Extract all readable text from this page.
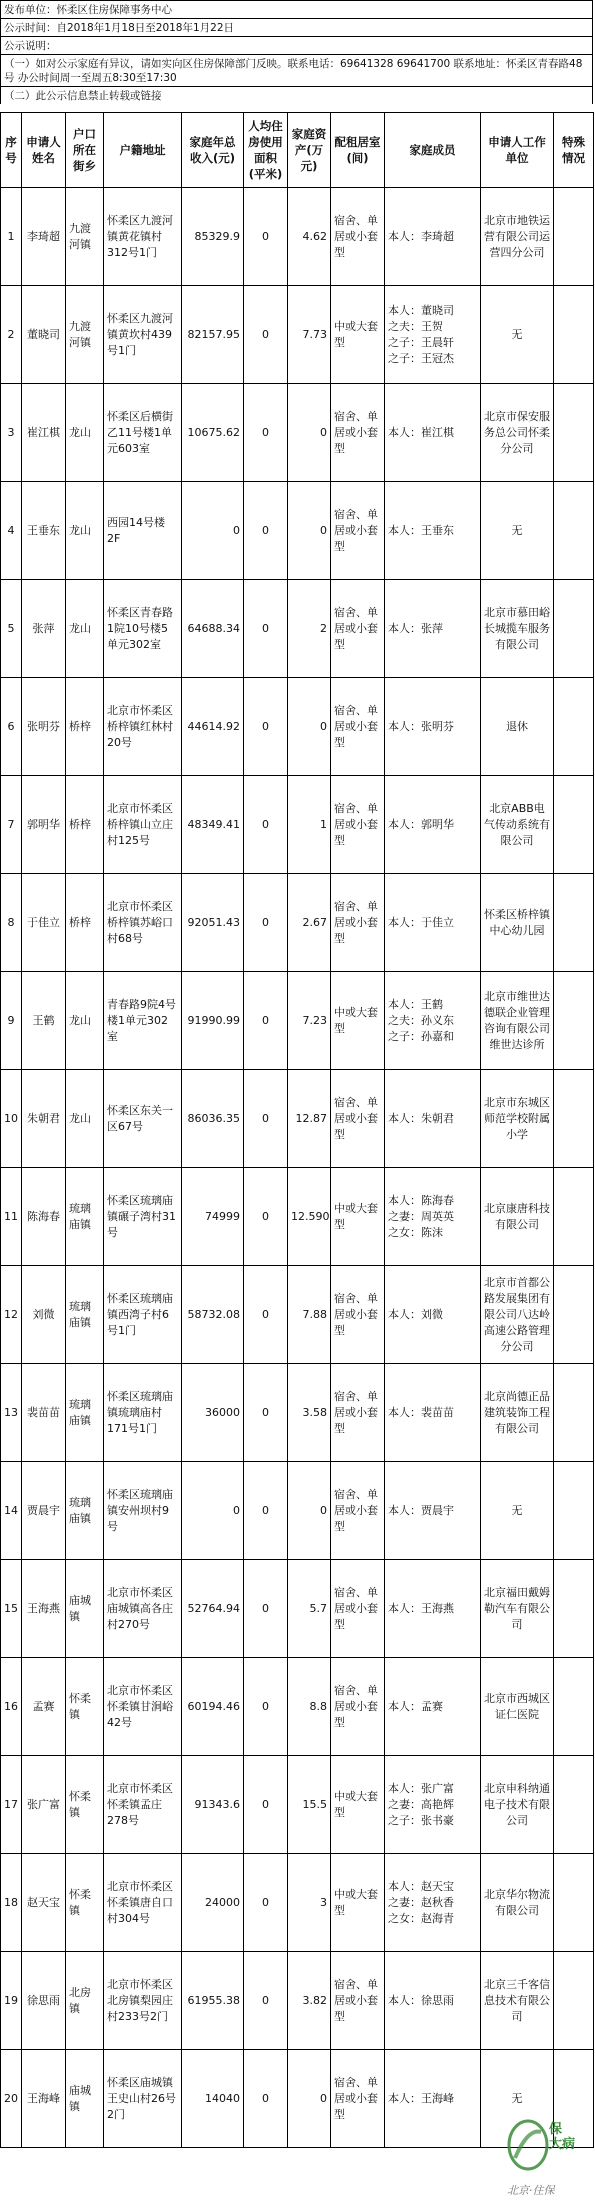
发布单位：怀柔区住房保障事务中心
公示时间：自2018年1月18日至2018年1月22日
公示说明：
（一）如对公示家庭有异议，请如实向区住房保障部门反映。联系电话：69641328 69641700 联系地址：怀柔区青春路48号 办公时间周一至周五8:30至17:30
（二）此公示信息禁止转载或链接
序号	申请人姓名	户口所在街乡	户籍地址	家庭年总收入(元)	人均住房使用面积(平米)	家庭资产(万元)	配租居室(间)	家庭成员	申请人工作单位	特殊情况
1	李琦超	九渡河镇	怀柔区九渡河镇黄花镇村312号1门	85329.9	0	4.62	宿舍、单居或小套型	本人：李琦超	北京市地铁运营有限公司运营四分公司	
2	董晓司	九渡河镇	怀柔区九渡河镇黄坎村439号1门	82157.95	0	7.73	中或大套型	本人：董晓司
之夫：王贺
之子：王晨轩
之子：王冠杰	无	
3	崔江棋	龙山	怀柔区后横街乙11号楼1单元603室	10675.62	0	0	宿舍、单居或小套型	本人：崔江棋	北京市保安服务总公司怀柔分公司	
4	王垂东	龙山	西园14号楼2F	0	0	0	宿舍、单居或小套型	本人：王垂东	无	
5	张萍	龙山	怀柔区青春路1院10号楼5单元302室	64688.34	0	2	宿舍、单居或小套型	本人：张萍	北京市慕田峪长城揽车服务有限公司	
6	张明芬	桥梓	北京市怀柔区桥梓镇红林村20号	44614.92	0	0	宿舍、单居或小套型	本人：张明芬	退休	
7	郭明华	桥梓	北京市怀柔区桥梓镇山立庄村125号	48349.41	0	1	宿舍、单居或小套型	本人：郭明华	北京ABB电气传动系统有限公司	
8	于佳立	桥梓	北京市怀柔区桥梓镇苏峪口村68号	92051.43	0	2.67	宿舍、单居或小套型	本人：于佳立	怀柔区桥梓镇中心幼儿园	
9	王鹤	龙山	青春路9院4号楼1单元302室	91990.99	0	7.23	中或大套型	本人：王鹤
之夫：孙义东
之子：孙嘉和	北京市维世达德联企业管理咨询有限公司维世达诊所	
10	朱朝君	龙山	怀柔区东关一区67号	86036.35	0	12.87	宿舍、单居或小套型	本人：朱朝君	北京市东城区师范学校附属小学	
11	陈海春	琉璃庙镇	怀柔区琉璃庙镇碾子湾村31号	74999	0	12.590	中或大套型	本人：陈海春
之妻：周英英
之女：陈沫	北京康唐科技有限公司	
12	刘微	琉璃庙镇	怀柔区琉璃庙镇西湾子村6号1门	58732.08	0	7.88	宿舍、单居或小套型	本人：刘微	北京市首都公路发展集团有限公司八达岭高速公路管理分公司	
13	裴苗苗	琉璃庙镇	怀柔区琉璃庙镇琉璃庙村171号1门	36000	0	3.58	宿舍、单居或小套型	本人：裴苗苗	北京尚德正品建筑装饰工程有限公司	
14	贾晨宇	琉璃庙镇	怀柔区琉璃庙镇安州坝村9号	0	0	0	宿舍、单居或小套型	本人：贾晨宇	无	
15	王海燕	庙城镇	北京市怀柔区庙城镇高各庄村270号	52764.94	0	5.7	宿舍、单居或小套型	本人：王海燕	北京福田戴姆勒汽车有限公司	
16	孟赛	怀柔镇	北京市怀柔区怀柔镇甘涧峪42号	60194.46	0	8.8	宿舍、单居或小套型	本人：孟赛	北京市西城区证仁医院	
17	张广富	怀柔镇	北京市怀柔区怀柔镇孟庄278号	91343.6	0	15.5	中或大套型	本人：张广富
之妻：高艳辉
之子：张书豪	北京申科纳通电子技术有限公司	
18	赵天宝	怀柔镇	北京市怀柔区怀柔镇唐自口村304号	24000	0	3	中或大套型	本人：赵天宝
之妻：赵秋香
之女：赵海青	北京华尔物流有限公司	
19	徐思雨	北房镇	北京市怀柔区北房镇梨园庄村233号2门	61955.38	0	3.82	宿舍、单居或小套型	本人：徐思雨	北京三千客信息技术有限公司	
20	王海峰	庙城镇	怀柔区庙城镇王史山村26号2门	14040	0	0	宿舍、单居或小套型	本人：王海峰	无	
保
大病
北京·住保
